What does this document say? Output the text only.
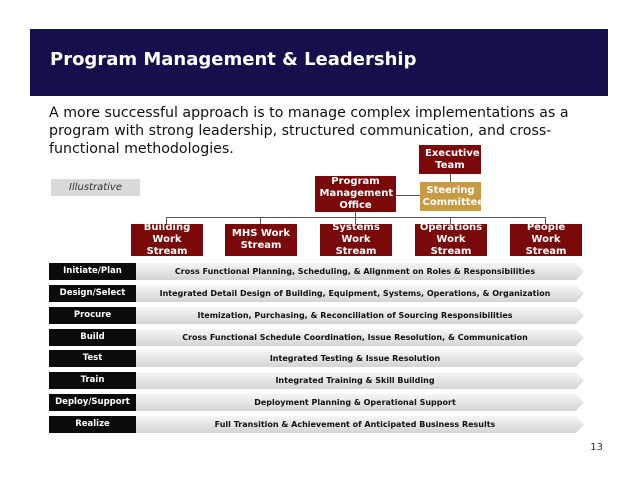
Program Management & Leadership
A more successful approach is to manage complex implementations as a program with strong leadership, structured communication, and cross-functional methodologies.
Illustrative
Executive Team
Program Management Office
Steering Committee
Building Work Stream
MHS Work Stream
Systems Work Stream
Operations Work Stream
People Work Stream
Initiate/Plan	Cross Functional Planning, Scheduling, & Alignment on Roles & Responsibilities
Design/Select	Integrated Detail Design of Building, Equipment, Systems, Operations, & Organization
Procure	Itemization, Purchasing, & Reconciliation of Sourcing Responsibilities
Build	Cross Functional Schedule Coordination, Issue Resolution, & Communication
Test	Integrated Testing & Issue Resolution
Train	Integrated Training & Skill Building
Deploy/Support	Deployment Planning & Operational Support
Realize	Full Transition & Achievement of Anticipated Business Results
13
